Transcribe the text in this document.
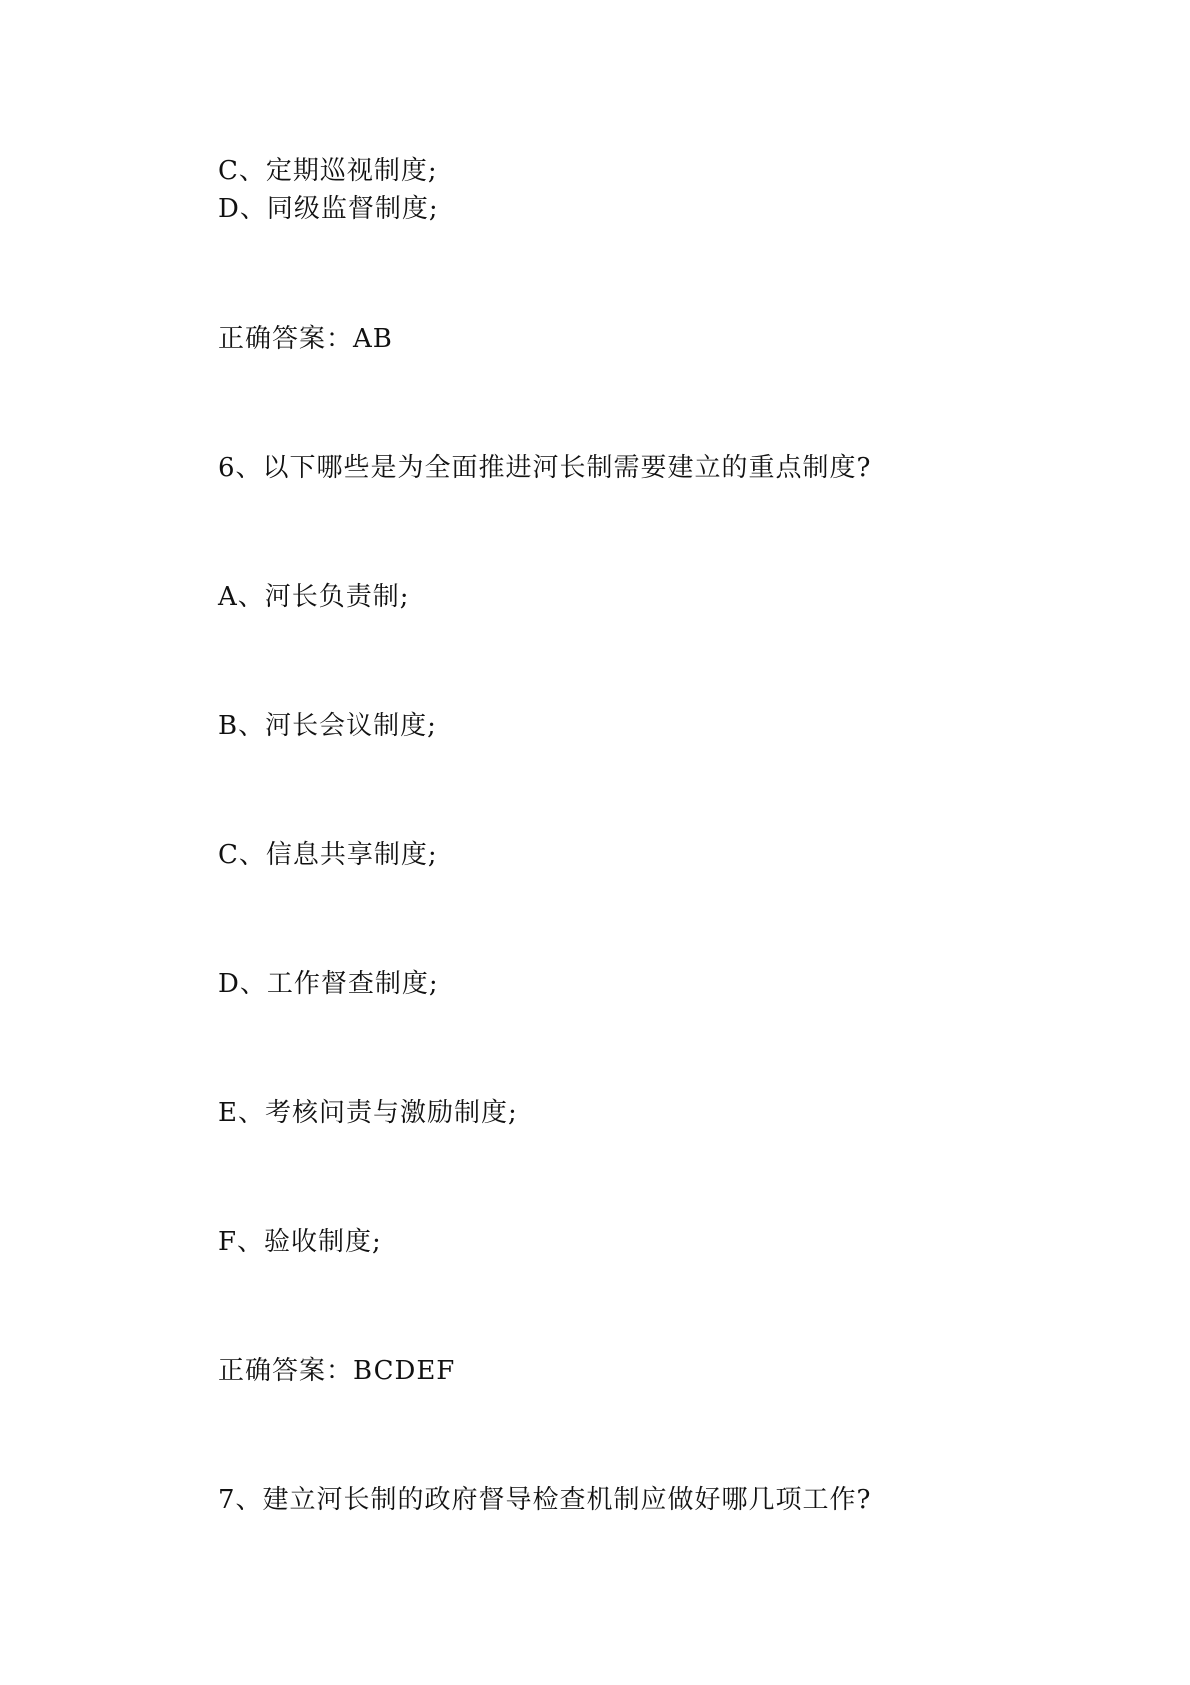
C、定期巡视制度;
D、同级监督制度;
正确答案：AB
6、以下哪些是为全面推进河长制需要建立的重点制度?
A、河长负责制;
B、河长会议制度;
C、信息共享制度;
D、工作督查制度;
E、考核问责与激励制度;
F、验收制度;
正确答案：BCDEF
7、建立河长制的政府督导检查机制应做好哪几项工作?
